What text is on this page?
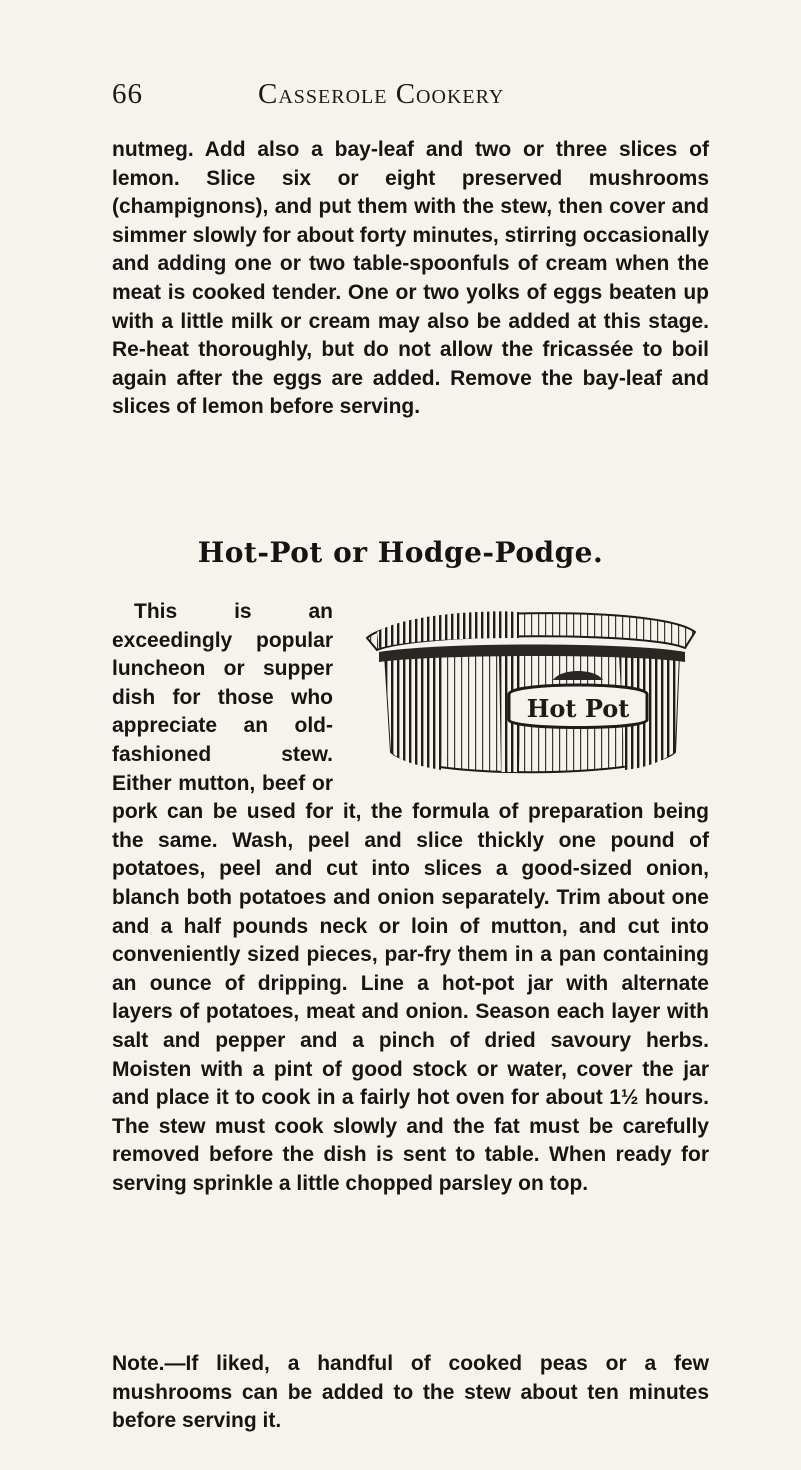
66	Casserole Cookery

nutmeg. Add also a bay-leaf and two or three slices of lemon. Slice six or eight preserved mushrooms (champignons), and put them with the stew, then cover and simmer slowly for about forty minutes, stirring occasionally and adding one or two table-spoonfuls of cream when the meat is cooked tender. One or two yolks of eggs beaten up with a little milk or cream may also be added at this stage. Re-heat thoroughly, but do not allow the fricassée to boil again after the eggs are added. Remove the bay-leaf and slices of lemon before serving.

Hot-Pot or Hodge-Podge.
Hot Pot
This is an exceedingly popular luncheon or supper dish for those who appreciate an old-fashioned stew. Either mutton, beef or pork can be used for it, the formula of preparation being the same. Wash, peel and slice thickly one pound of potatoes, peel and cut into slices a good-sized onion, blanch both potatoes and onion separately. Trim about one and a half pounds neck or loin of mutton, and cut into conveniently sized pieces, par-fry them in a pan containing an ounce of dripping. Line a hot-pot jar with alternate layers of potatoes, meat and onion. Season each layer with salt and pepper and a pinch of dried savoury herbs. Moisten with a pint of good stock or water, cover the jar and place it to cook in a fairly hot oven for about 1½ hours. The stew must cook slowly and the fat must be carefully removed before the dish is sent to table. When ready for serving sprinkle a little chopped parsley on top.

Note.—If liked, a handful of cooked peas or a few mushrooms can be added to the stew about ten minutes before serving it.
